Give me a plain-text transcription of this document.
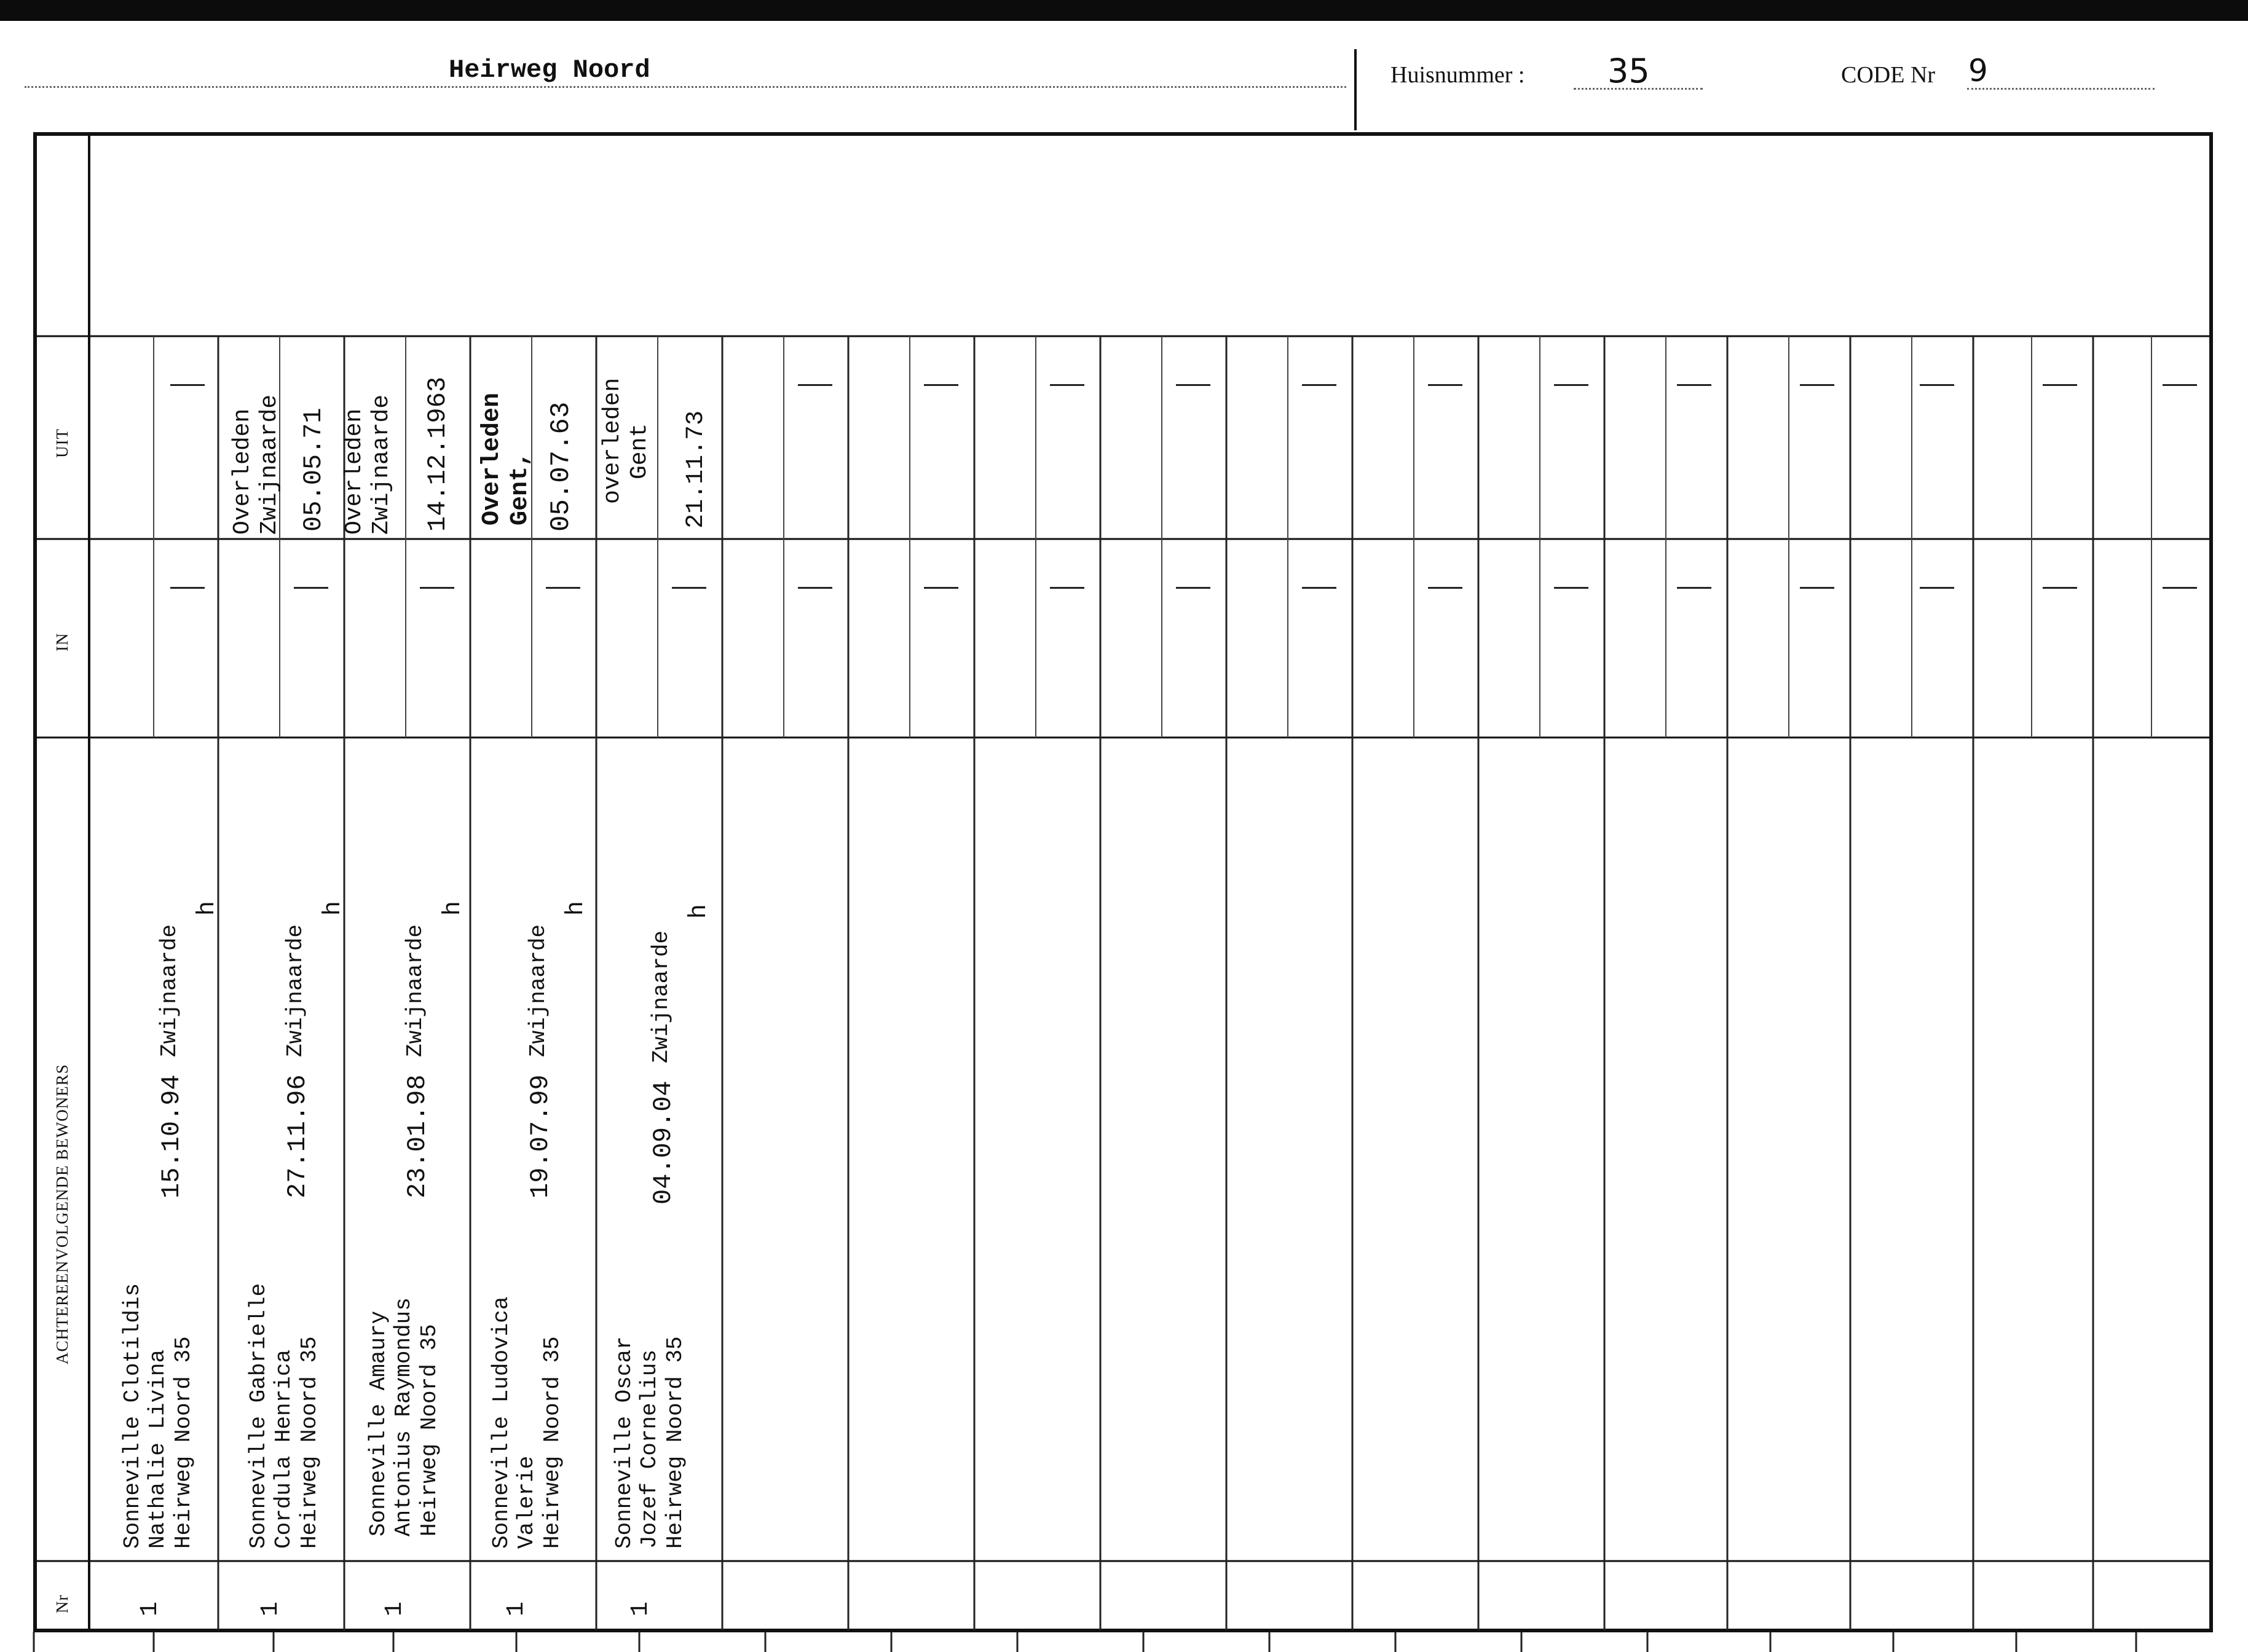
Heirweg Noord	Huisnummer : 35	CODE Nr 9
UIT
IN
ACHTEREENVOLGENDE BEWONERS
Nr
Sonneville Clotildis Nathalie Livina Heirweg Noord 35
15.10.94
Zwijnaarde
h
1
Sonneville Gabrielle Cordula Henrica Heirweg Noord 35
27.11.96
Zwijnaarde
h
1
Overleden Zwijnaarde 05.05.71
Sonneville Amaury Antonius Raymondus Heirweg Noord 35
23.01.98
Zwijnaarde
h
1
Overleden Zwijnaarde 14.12.1963
Sonneville Ludovica Valerie Heirweg Noord 35
19.07.99
Zwijnaarde
h
1
Overleden Gent, 05.07.63
Sonneville Oscar Jozef Cornelius Heirweg Noord 35
04.09.04
Zwijnaarde
h
1
overleden Gent 21.11.73
